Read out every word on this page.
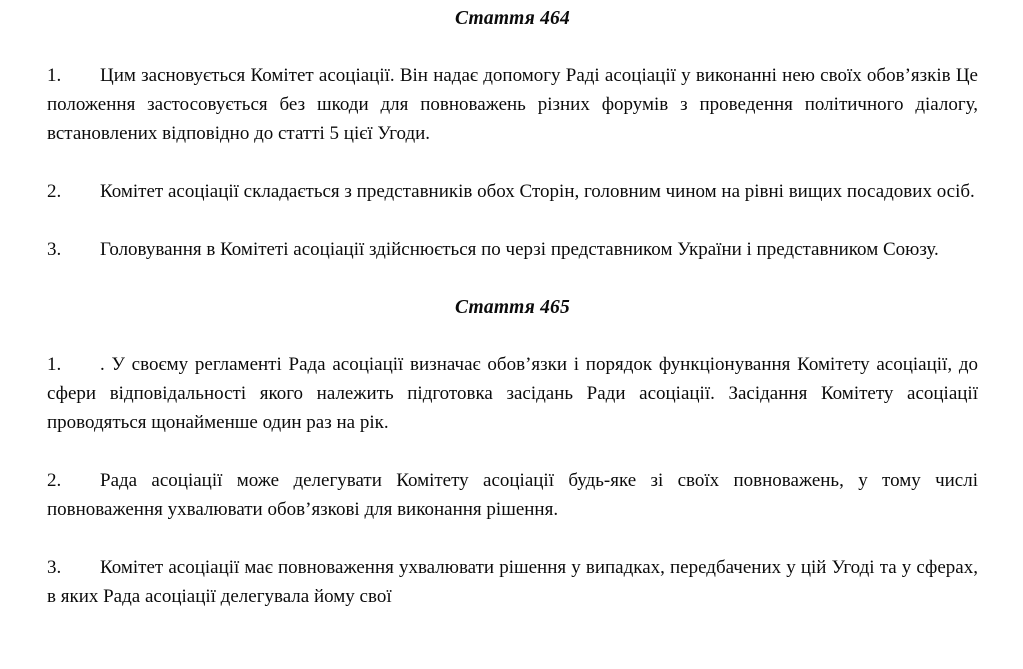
Стаття 464

1. Цим засновується Комітет асоціації. Він надає допомогу Раді асоціації у виконанні нею своїх обов’язків Це положення застосовується без шкоди для повноважень різних форумів з проведення політичного діалогу, встановлених відповідно до статті 5 цієї Угоди.

2. Комітет асоціації складається з представників обох Сторін, головним чином на рівні вищих посадових осіб.

3. Головування в Комітеті асоціації здійснюється по черзі представником України і представником Союзу.

Стаття 465

1. . У своєму регламенті Рада асоціації визначає обов’язки і порядок функціонування Комітету асоціації, до сфери відповідальності якого належить підготовка засідань Ради асоціації. Засідання Комітету асоціації проводяться щонайменше один раз на рік.

2. Рада асоціації може делегувати Комітету асоціації будь-яке зі своїх повноважень, у тому числі повноваження ухвалювати обов’язкові для виконання рішення.

3. Комітет асоціації має повноваження ухвалювати рішення у випадках, передбачених у цій Угоді та у сферах, в яких Рада асоціації делегувала йому свої
